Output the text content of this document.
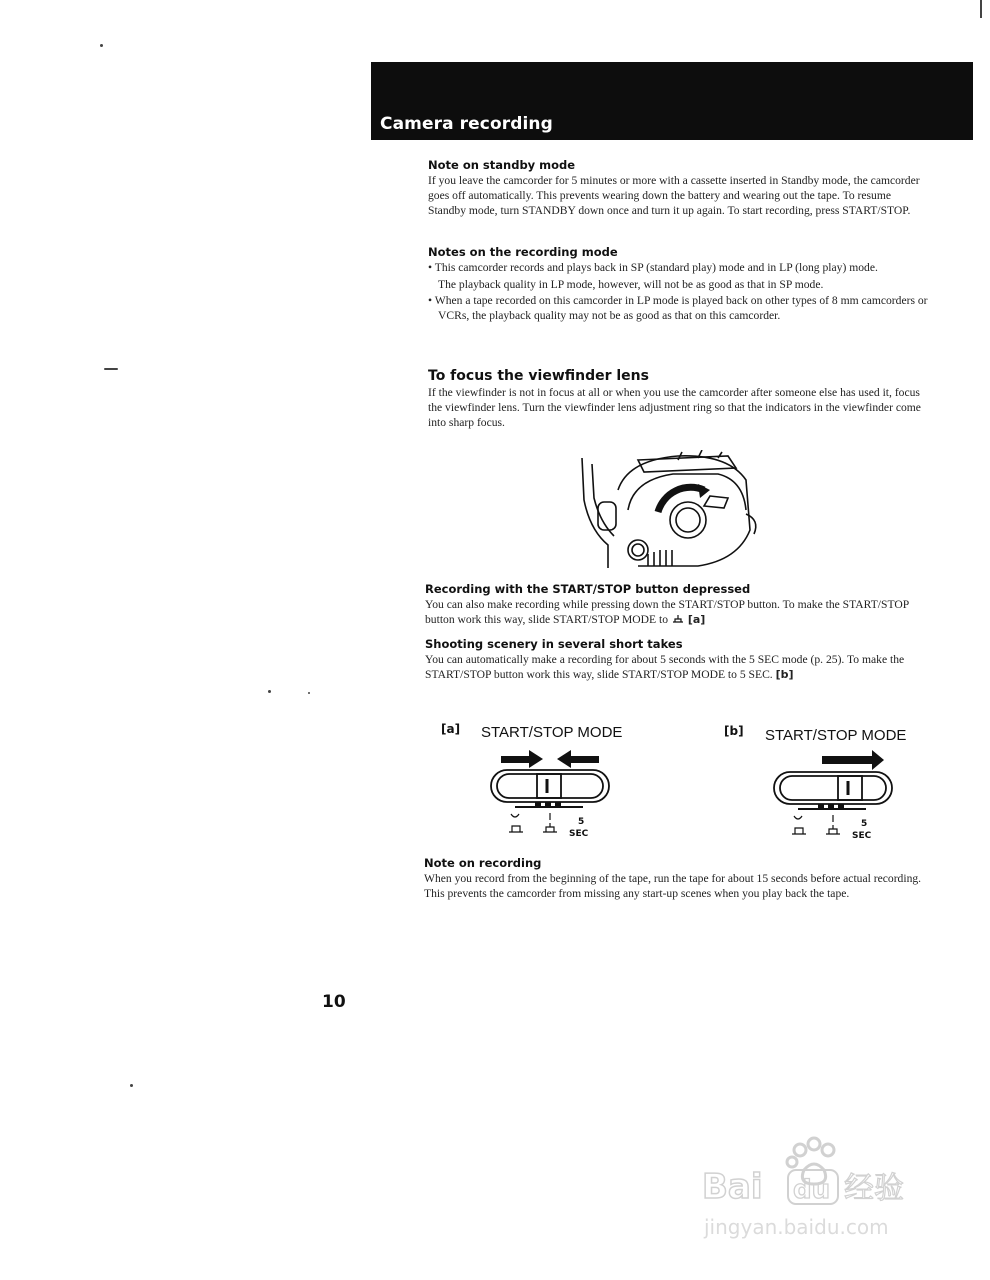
Camera recording
Note on standby mode

If you leave the camcorder for 5 minutes or more with a cassette inserted in Standby mode, the camcorder goes off automatically. This prevents wearing down the battery and wearing out the tape. To resume Standby mode, turn STANDBY down once and turn it up again. To start recording, press START/STOP.

Notes on the recording mode
• This camcorder records and plays back in SP (standard play) mode and in LP (long play) mode.

The playback quality in LP mode, however, will not be as good as that in SP mode.

• When a tape recorded on this camcorder in LP mode is played back on other types of 8 mm camcorders or VCRs, the playback quality may not be as good as that on this camcorder.
To focus the viewfinder lens

If the viewfinder is not in focus at all or when you use the camcorder after someone else has used it, focus the viewfinder lens. Turn the viewfinder lens adjustment ring so that the indicators in the viewfinder come into sharp focus.

Recording with the START/STOP button depressed

You can also make recording while pressing down the START/STOP button. To make the START/STOP button work this way, slide START/STOP MODE to [a]

Shooting scenery in several short takes

You can automatically make a recording for about 5 seconds with the 5 SEC mode (p. 25). To make the START/STOP button work this way, slide START/STOP MODE to 5 SEC. [b]

[a] START/STOP MODE
5
SEC
[b] START/STOP MODE
5
SEC
Note on recording

When you record from the beginning of the tape, run the tape for about 15 seconds before actual recording. This prevents the camcorder from missing any start-up scenes when you play back the tape.

10
Bai du 经验
jingyan.baidu.com
